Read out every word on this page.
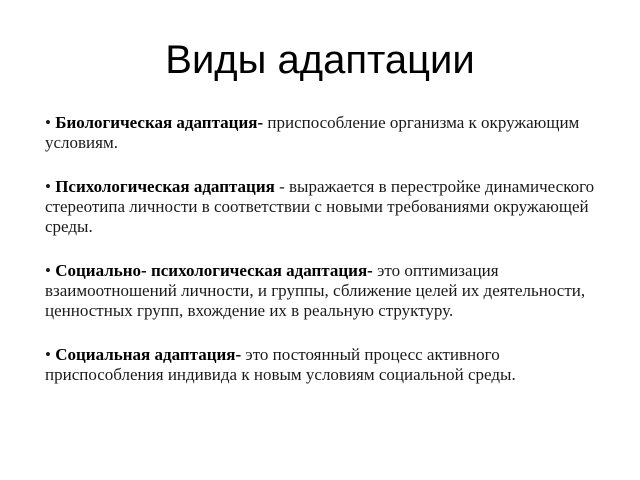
Виды адаптации
• Биологическая адаптация- приспособление организма к окружающим условиям.
• Психологическая адаптация - выражается в перестройке динамического стереотипа личности в соответствии с новыми требованиями окружающей среды.
• Социально- психологическая адаптация- это оптимизация взаимоотношений личности, и группы, сближение целей их деятельности, ценностных групп, вхождение их в реальную структуру.
• Социальная адаптация- это постоянный процесс активного приспособления индивида к новым условиям социальной среды.
